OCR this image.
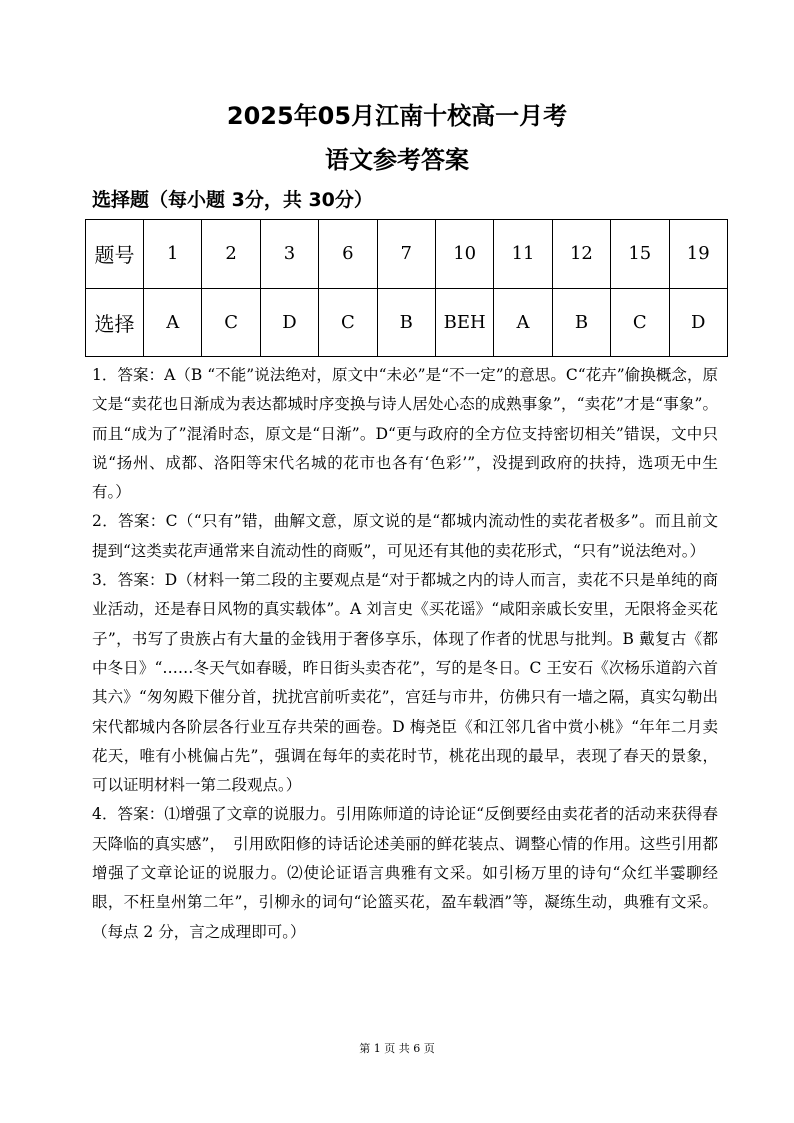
2025年05月江南十校高一月考
语文参考答案
选择题（每小题 3分，共 30分）
题号	1	2	3	6	7	10	11	12	15	19
选择	A	C	D	C	B	BEH	A	B	C	D

1．答案：A（B “不能”说法绝对，原文中“未必”是“不一定”的意思。C“花卉”偷换概念，原文是“卖花也日渐成为表达都城时序变换与诗人居处心态的成熟事象”，“卖花”才是“事象”。而且“成为了”混淆时态，原文是“日渐”。D“更与政府的全方位支持密切相关”错误，文中只说“扬州、成都、洛阳等宋代名城的花市也各有‘色彩’”，没提到政府的扶持，选项无中生有。）

2．答案：C（“只有”错，曲解文意，原文说的是“都城内流动性的卖花者极多”。而且前文提到“这类卖花声通常来自流动性的商贩”，可见还有其他的卖花形式，“只有”说法绝对。）

3．答案：D（材料一第二段的主要观点是“对于都城之内的诗人而言，卖花不只是单纯的商业活动，还是春日风物的真实载体”。A 刘言史《买花谣》“咸阳亲戚长安里，无限将金买花子”，书写了贵族占有大量的金钱用于奢侈享乐，体现了作者的忧思与批判。B 戴复古《都中冬日》“……冬天气如春暖，昨日街头卖杏花”，写的是冬日。C 王安石《次杨乐道韵六首其六》“匆匆殿下催分首，扰扰宫前听卖花”，宫廷与市井，仿佛只有一墙之隔，真实勾勒出宋代都城内各阶层各行业互存共荣的画卷。D 梅尧臣《和江邻几省中赏小桃》“年年二月卖花天，唯有小桃偏占先”，强调在每年的卖花时节，桃花出现的最早，表现了春天的景象，可以证明材料一第二段观点。）

4．答案：⑴增强了文章的说服力。引用陈师道的诗论证“反倒要经由卖花者的活动来获得春天降临的真实感”，　引用欧阳修的诗话论述美丽的鲜花装点、调整心情的作用。这些引用都增强了文章论证的说服力。⑵使论证语言典雅有文采。如引杨万里的诗句“众红半霎聊经眼，不枉皇州第二年”，引柳永的词句“论篮买花，盈车载酒”等，凝练生动，典雅有文采。（每点 2 分，言之成理即可。）

第 1 页 共 6 页
